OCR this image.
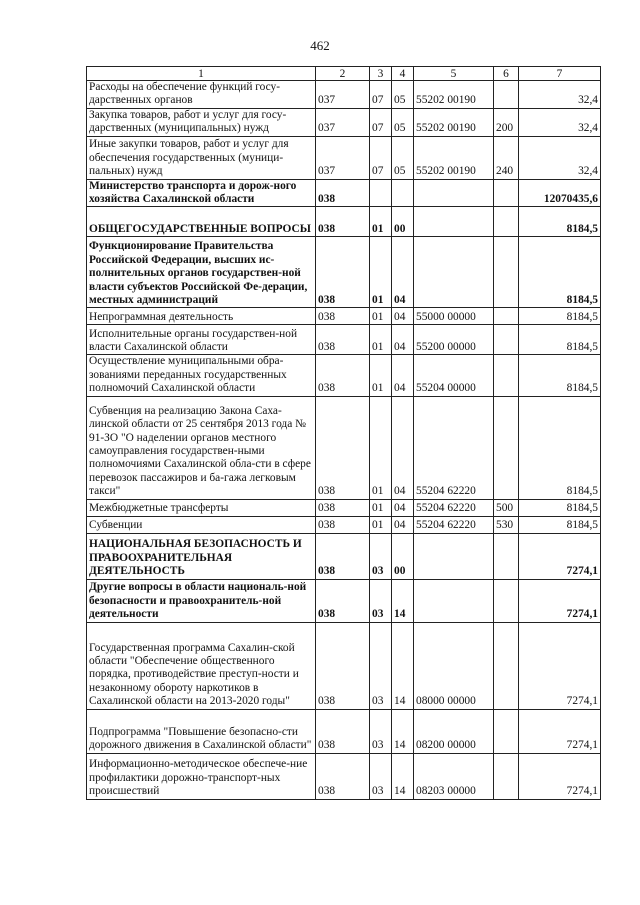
462
1	2	3	4	5	6	7
Расходы на обеспечение функций госу-дарственных органов	037	07	05	55202 00190		32,4
Закупка товаров, работ и услуг для госу-дарственных (муниципальных) нужд	037	07	05	55202 00190	200	32,4
Иные закупки товаров, работ и услуг для обеспечения государственных (муници-пальных) нужд	037	07	05	55202 00190	240	32,4
Министерство транспорта и дорож-ного хозяйства Сахалинской области	038					12070435,6
ОБЩЕГОСУДАРСТВЕННЫЕ ВОПРОСЫ	038	01	00			8184,5
Функционирование Правительства Российской Федерации, высших ис-полнительных органов государствен-ной власти субъектов Российской Фе-дерации, местных администраций	038	01	04			8184,5
Непрограммная деятельность	038	01	04	55000 00000		8184,5
Исполнительные органы государствен-ной власти Сахалинской области	038	01	04	55200 00000		8184,5
Осуществление муниципальными обра-зованиями переданных государственных полномочий Сахалинской области	038	01	04	55204 00000		8184,5
Субвенция на реализацию Закона Саха-линской области от 25 сентября 2013 года № 91-ЗО "О наделении органов местного самоуправления государствен-ными полномочиями Сахалинской обла-сти в сфере перевозок пассажиров и ба-гажа легковым такси"	038	01	04	55204 62220		8184,5
Межбюджетные трансферты	038	01	04	55204 62220	500	8184,5
Субвенции	038	01	04	55204 62220	530	8184,5
НАЦИОНАЛЬНАЯ БЕЗОПАСНОСТЬ И ПРАВООХРАНИТЕЛЬНАЯ ДЕЯТЕЛЬНОСТЬ	038	03	00			7274,1
Другие вопросы в области националь-ной безопасности и правоохранитель-ной деятельности	038	03	14			7274,1
Государственная программа Сахалин-ской области "Обеспечение общественного порядка, противодействие преступ-ности и незаконному обороту наркотиков в Сахалинской области на 2013-2020 годы"	038	03	14	08000 00000		7274,1
Подпрограмма "Повышение безопасно-сти дорожного движения в Сахалинской области"	038	03	14	08200 00000		7274,1
Информационно-методическое обеспече-ние профилактики дорожно-транспорт-ных происшествий	038	03	14	08203 00000		7274,1
